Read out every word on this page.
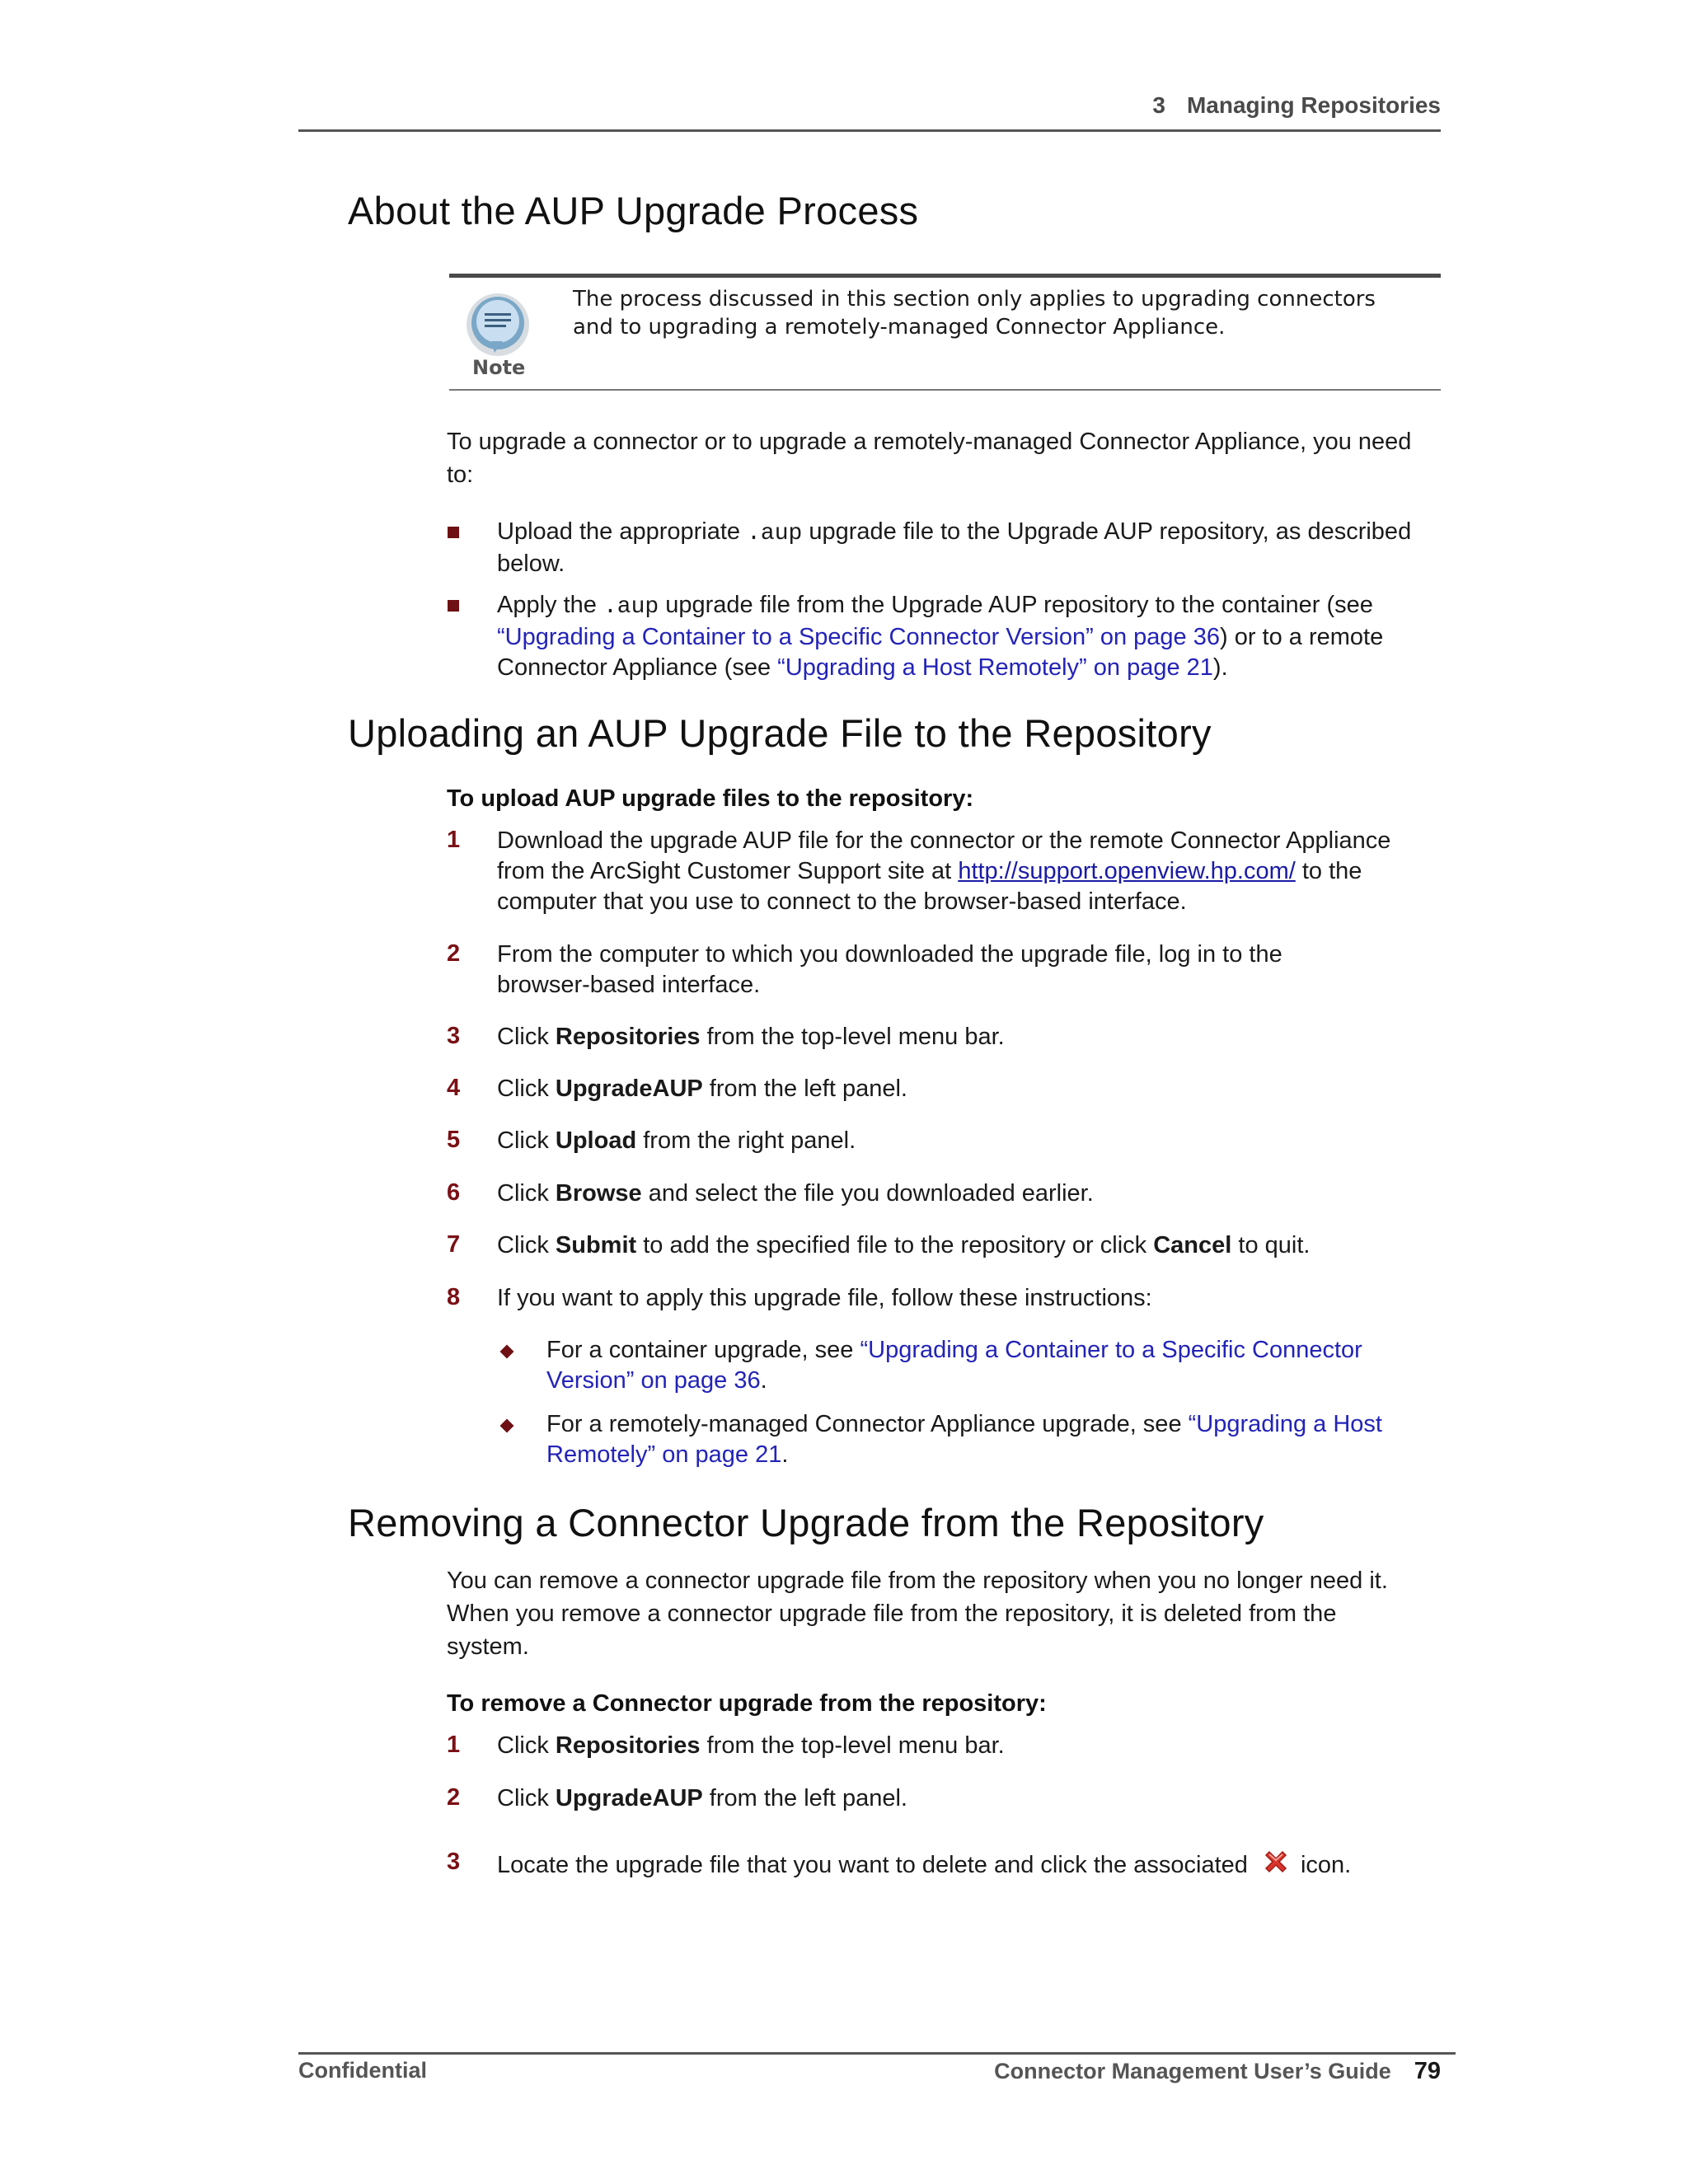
3 Managing Repositories
About the AUP Upgrade Process
Note
The process discussed in this section only applies to upgrading connectors
and to upgrading a remotely-managed Connector Appliance.
To upgrade a connector or to upgrade a remotely-managed Connector Appliance, you need
to:
Upload the appropriate .aup upgrade file to the Upgrade AUP repository, as described
below.
Apply the .aup upgrade file from the Upgrade AUP repository to the container (see
“Upgrading a Container to a Specific Connector Version” on page 36) or to a remote
Connector Appliance (see “Upgrading a Host Remotely” on page 21).
Uploading an AUP Upgrade File to the Repository
To upload AUP upgrade files to the repository:
1 Download the upgrade AUP file for the connector or the remote Connector Appliance
from the ArcSight Customer Support site at http://support.openview.hp.com/ to the
computer that you use to connect to the browser-based interface.
2 From the computer to which you downloaded the upgrade file, log in to the
browser-based interface.
3 Click Repositories from the top-level menu bar.
4 Click UpgradeAUP from the left panel.
5 Click Upload from the right panel.
6 Click Browse and select the file you downloaded earlier.
7 Click Submit to add the specified file to the repository or click Cancel to quit.
8 If you want to apply this upgrade file, follow these instructions:
For a container upgrade, see “Upgrading a Container to a Specific Connector
Version” on page 36.
For a remotely-managed Connector Appliance upgrade, see “Upgrading a Host
Remotely” on page 21.
Removing a Connector Upgrade from the Repository
You can remove a connector upgrade file from the repository when you no longer need it.
When you remove a connector upgrade file from the repository, it is deleted from the
system.
To remove a Connector upgrade from the repository:
1 Click Repositories from the top-level menu bar.
2 Click UpgradeAUP from the left panel.
3 Locate the upgrade file that you want to delete and click the associated icon.
Confidential	Connector Management User’s Guide 79
